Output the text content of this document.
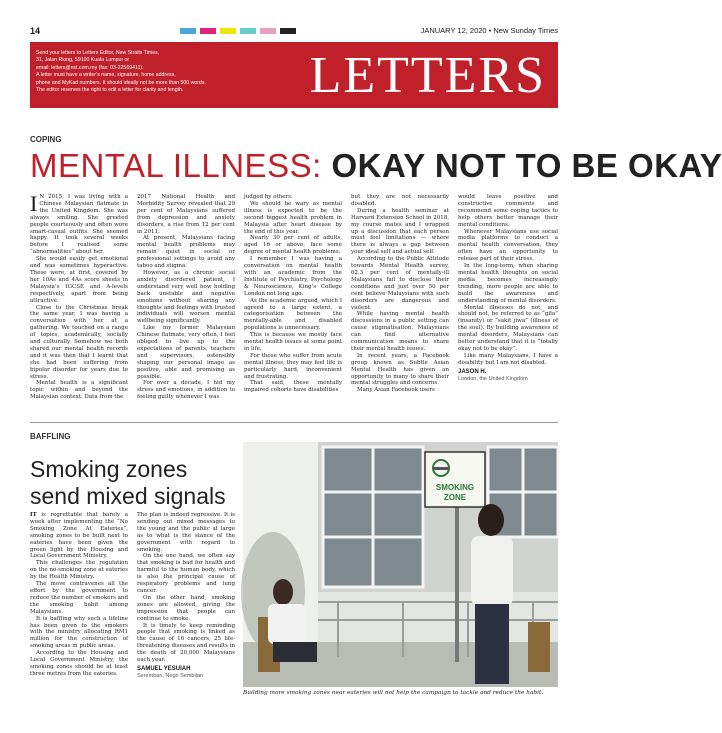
14	JANUARY 12, 2020 • New Sunday Times
Send your letters to Letters Editor, New Straits Times,
31, Jalan Riong, 59100 Kuala Lumpur or
email: letters@nst.com.my (fax: 03-22569411).
A letter must have a writer’s name, signature, home address,
phone and MyKad numbers. It should ideally not be more than 500 words.
The editor reserves the right to edit a letter for clarity and length.	LETTERS
COPING
MENTAL ILLNESS: OKAY NOT TO BE OKAY
I N 2015, I was living with a Chinese Malaysian flatmate in the United Kingdom. She was always smiling. She greeted people courteously and often wore smart-casual outfits. She seemed happy. It took several weeks before I realised some “abnormalities” about her.

She would easily get emotional and was sometimes hyperactive. These were, at first, covered by her 10As and 4As score sheets in Malaysia’s IGCSE and A-levels respectively, apart from being attractive.

Close to the Christmas break the same year, I was having a conversation with her at a gathering. We touched on a range of topics, academically, socially and culturally. Somehow we both shared our mental health records and it was then that I learnt that she had been suffering from bipolar disorder for years due to stress.

Mental health is a significant topic within and beyond the Malaysian context. Data from the

2017 National Health and Morbidity Survey revealed that 29 per cent of Malaysians suffered from depression and anxiety disorders, a rise from 12 per cent in 2011.

At present, Malaysians facing mental health problems may remain quiet in social or professional settings to avoid any taboo and stigma.

However, as a chronic social anxiety disordered patient, I understand very well how holding back unstable and negative emotions without sharing any thoughts and feelings with trusted individuals will worsen mental wellbeing significantly.

Like my former Malaysian Chinese flatmate, very often, I feel obliged to live up to the expectations of parents, teachers and supervisors, ostensibly shaping our personal image as positive, able and promising as possible.

For over a decade, I hid my stress and emotions, in addition to feeling guilty whenever I was

judged by others.

We should be wary as mental illness is expected to be the second biggest health problem in Malaysia after heart disease by the end of this year.

Nearly 30 per cent of adults, aged 16 or above, face some degree of mental health problems.

I remember I was having a conversation on mental health with an academic from the Institute of Psychiatry, Psychology & Neuroscience, King’s College London not long ago.

As the academic argued, which I agreed to a large extent, a categorisation between the mentally-able and disabled populations is unnecessary.

This is because we mostly face mental health issues at some point in life.

For those who suffer from acute mental illness, they may feel life is particularly hard, inconvenient and frustrating.

That said, these mentally impaired cohorts have disabilities

but they are not necessarily disabled.

During a health seminar at Harvard Extension School in 2018, my course mates and I wrapped up a discussion that each person must feel limitations — where there is always a gap between your ideal self and actual self.

According to the Public Attitude towards Mental Health survey, 62.3 per cent of mentally-ill Malaysians fail to disclose their conditions and just over 50 per cent believe Malaysians with such disorders are dangerous and violent.

While having mental health discussions in a public setting can cause stigmatisation, Malaysians can find alternative communication means to share their mental health issues.

In recent years, a Facebook group known as Subtle Asian Mental Health has given an opportunity to many to share their mental struggles and concerns.

Many Asian Facebook users

would leave positive and constructive comments and recommend some coping tactics to help others better manage their mental conditions.

Whenever Malaysians use social media platforms to conduct a mental health conversation, they often have an opportunity to release part of their stress.

In the long-term, when sharing mental health thoughts on social media becomes increasingly trending, more people are able to build the awareness and understanding of mental disorders.

Mental illnesses do not, and should not, be referred to as “gila” (insanity) or “sakit jiwa” (illness of the soul). By building awareness of mental disorders, Malaysians can better understand that it is “totally okay not to be okay”.

Like many Malaysians, I have a disability but I am not disabled.

JASON H.
London, the United Kingdom
BAFFLING
Smoking zones
send mixed signals

IT is regrettable that barely a week after implementing the “No Smoking Zone At Eateries”, smoking zones to be built next to eateries have been given the green light by the Housing and Local Government Ministry.

This challenges the regulation on the no-smoking zone at eateries by the Health Ministry.

The move contravenes all the effort by the government to reduce the number of smokers and the smoking habit among Malaysians.

It is baffling why such a lifeline has been given to the smokers with the ministry allocating RM1 million for the construction of smoking areas in public areas.

According to the Housing and Local Government Ministry, the smoking zones should be at least three metres from the eateries.

The plan is indeed regressive. It is sending out mixed messages to the young and the public at large as to what is the stance of the government with regard to smoking.

On the one hand, we often say that smoking is bad for health and harmful to the human body, which is also the principal cause of respiratory problems and lung cancer.

On the other hand, smoking zones are allowed, giving the impression that people can continue to smoke.

It is timely to keep reminding people that smoking is linked as the cause of 16 cancers, 25 life-threatening diseases and results in the death of 20,000 Malaysians each year.

SAMUEL YESUIAH
Seremban, Negri Sembilan
SMOKING
ZONE
Building more smoking zones near eateries will not help the campaign to tackle and reduce the habit.
